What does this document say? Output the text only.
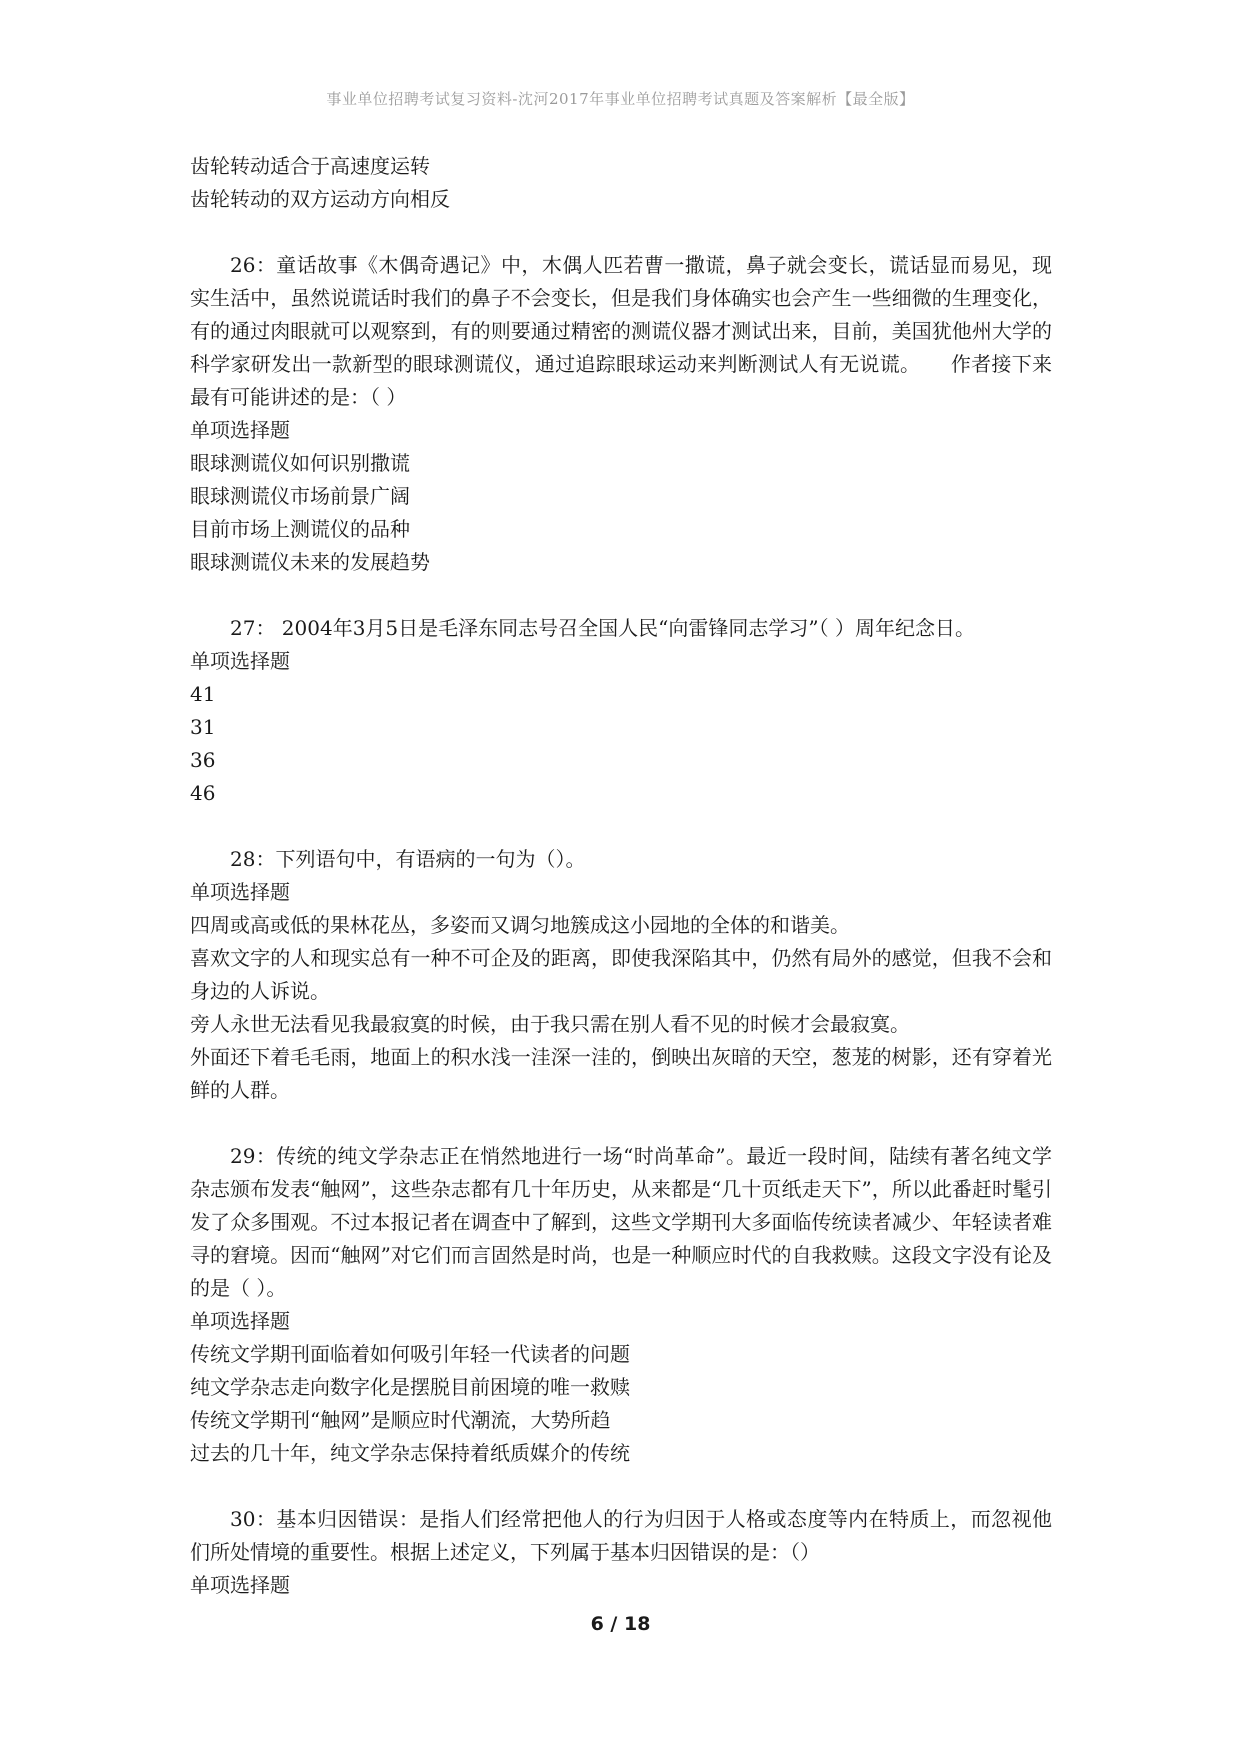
事业单位招聘考试复习资料-沈河2017年事业单位招聘考试真题及答案解析【最全版】

齿轮转动适合于高速度运转

齿轮转动的双方运动方向相反

26：童话故事《木偶奇遇记》中，木偶人匹若曹一撒谎，鼻子就会变长，谎话显而易见，现实生活中，虽然说谎话时我们的鼻子不会变长，但是我们身体确实也会产生一些细微的生理变化，有的通过肉眼就可以观察到，有的则要通过精密的测谎仪器才测试出来，目前，美国犹他州大学的科学家研发出一款新型的眼球测谎仪，通过追踪眼球运动来判断测试人有无说谎。　　作者接下来最有可能讲述的是：（ ）

单项选择题

眼球测谎仪如何识别撒谎

眼球测谎仪市场前景广阔

目前市场上测谎仪的品种

眼球测谎仪未来的发展趋势

27： 2004年3月5日是毛泽东同志号召全国人民“向雷锋同志学习”（ ）周年纪念日。

单项选择题

41

31

36

46

28：下列语句中，有语病的一句为（）。

单项选择题

四周或高或低的果林花丛，多姿而又调匀地簇成这小园地的全体的和谐美。

喜欢文字的人和现实总有一种不可企及的距离，即使我深陷其中，仍然有局外的感觉，但我不会和身边的人诉说。

旁人永世无法看见我最寂寞的时候，由于我只需在别人看不见的时候才会最寂寞。

外面还下着毛毛雨，地面上的积水浅一洼深一洼的，倒映出灰暗的天空，葱茏的树影，还有穿着光鲜的人群。

29：传统的纯文学杂志正在悄然地进行一场“时尚革命”。最近一段时间，陆续有著名纯文学杂志颁布发表“触网”，这些杂志都有几十年历史，从来都是“几十页纸走天下”，所以此番赶时髦引发了众多围观。不过本报记者在调查中了解到，这些文学期刊大多面临传统读者减少、年轻读者难寻的窘境。因而“触网”对它们而言固然是时尚，也是一种顺应时代的自我救赎。这段文字没有论及的是（ ）。

单项选择题

传统文学期刊面临着如何吸引年轻一代读者的问题

纯文学杂志走向数字化是摆脱目前困境的唯一救赎

传统文学期刊“触网”是顺应时代潮流，大势所趋

过去的几十年，纯文学杂志保持着纸质媒介的传统

30：基本归因错误：是指人们经常把他人的行为归因于人格或态度等内在特质上，而忽视他们所处情境的重要性。根据上述定义，下列属于基本归因错误的是：（）

单项选择题

6 / 18
